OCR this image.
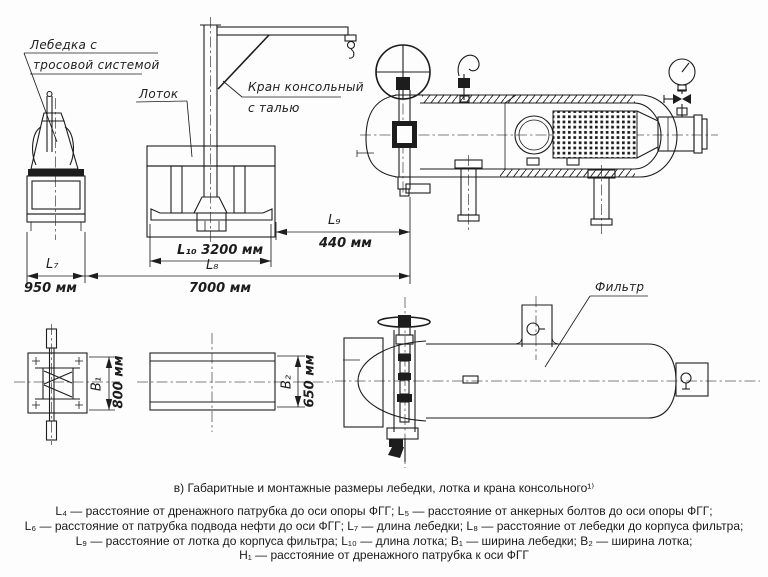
Лебедка с
тросовой системой
Лоток	Кран консольный
с талью
Фильтр
L₇
950 мм
L₈
7000 мм
L₉
440 мм
L₁₀ 3200 мм
B₁ 800 мм	B₂ 650 мм
в) Габаритные и монтажные размеры лебедки, лотка и крана консольного¹⁾
L₄ — расстояние от дренажного патрубка до оси опоры ФГГ; L₅ — расстояние от анкерных болтов до оси опоры ФГГ;
L₆ — расстояние от патрубка подвода нефти до оси ФГГ; L₇ — длина лебедки; L₈ — расстояние от лебедки до корпуса фильтра;
L₉ — расстояние от лотка до корпуса фильтра; L₁₀ — длина лотка; B₁ — ширина лебедки; B₂ — ширина лотка;
H₁ — расстояние от дренажного патрубка к оси ФГГ
